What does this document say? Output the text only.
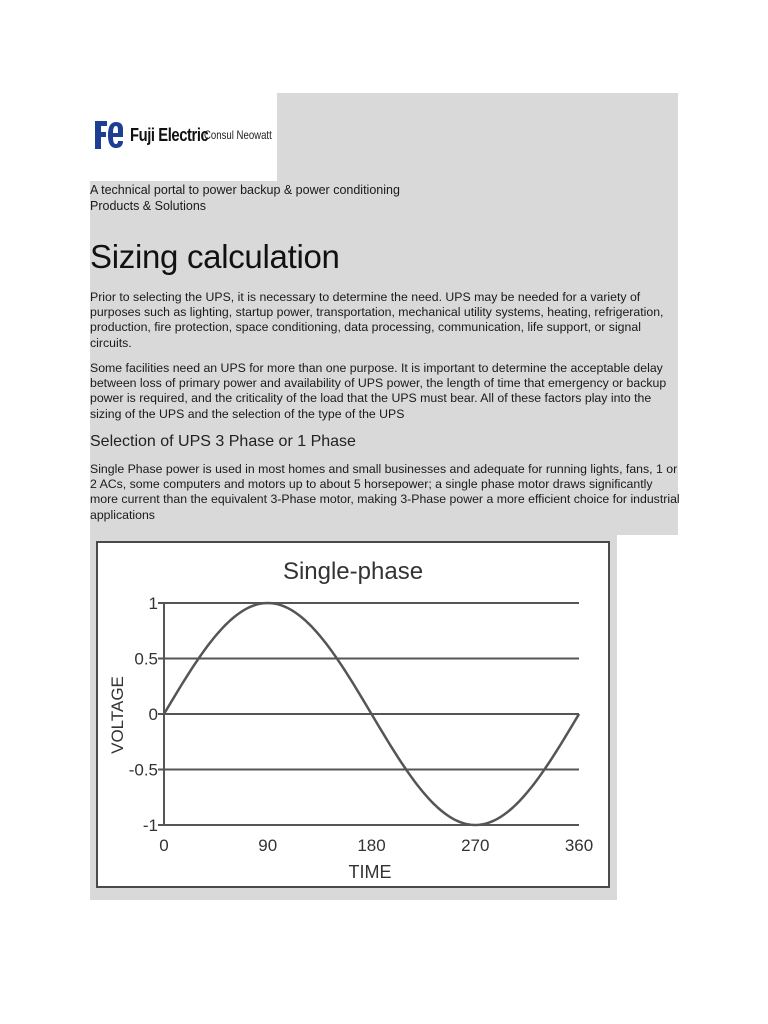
Fuji Electric
Consul Neowatt
A technical portal to power backup & power conditioning
Products & Solutions
Sizing calculation

Prior to selecting the UPS, it is necessary to determine the need. UPS may be needed for a variety of purposes such as lighting, startup power, transportation, mechanical utility systems, heating, refrigeration, production, fire protection, space conditioning, data processing, communication, life support, or signal circuits.

Some facilities need an UPS for more than one purpose. It is important to determine the acceptable delay between loss of primary power and availability of UPS power, the length of time that emergency or backup power is required, and the criticality of the load that the UPS must bear. All of these factors play into the sizing of the UPS and the selection of the type of the UPS

Selection of UPS 3 Phase or 1 Phase

Single Phase power is used in most homes and small businesses and adequate for running lights, fans, 1 or 2 ACs, some computers and motors up to about 5 horsepower; a single phase motor draws significantly more current than the equivalent 3-Phase motor, making 3-Phase power a more efficient choice for industrial applications

1
0.5
0
-0.5
-1
0	90	180	270	360
Single-phase
TIME
VOLTAGE
